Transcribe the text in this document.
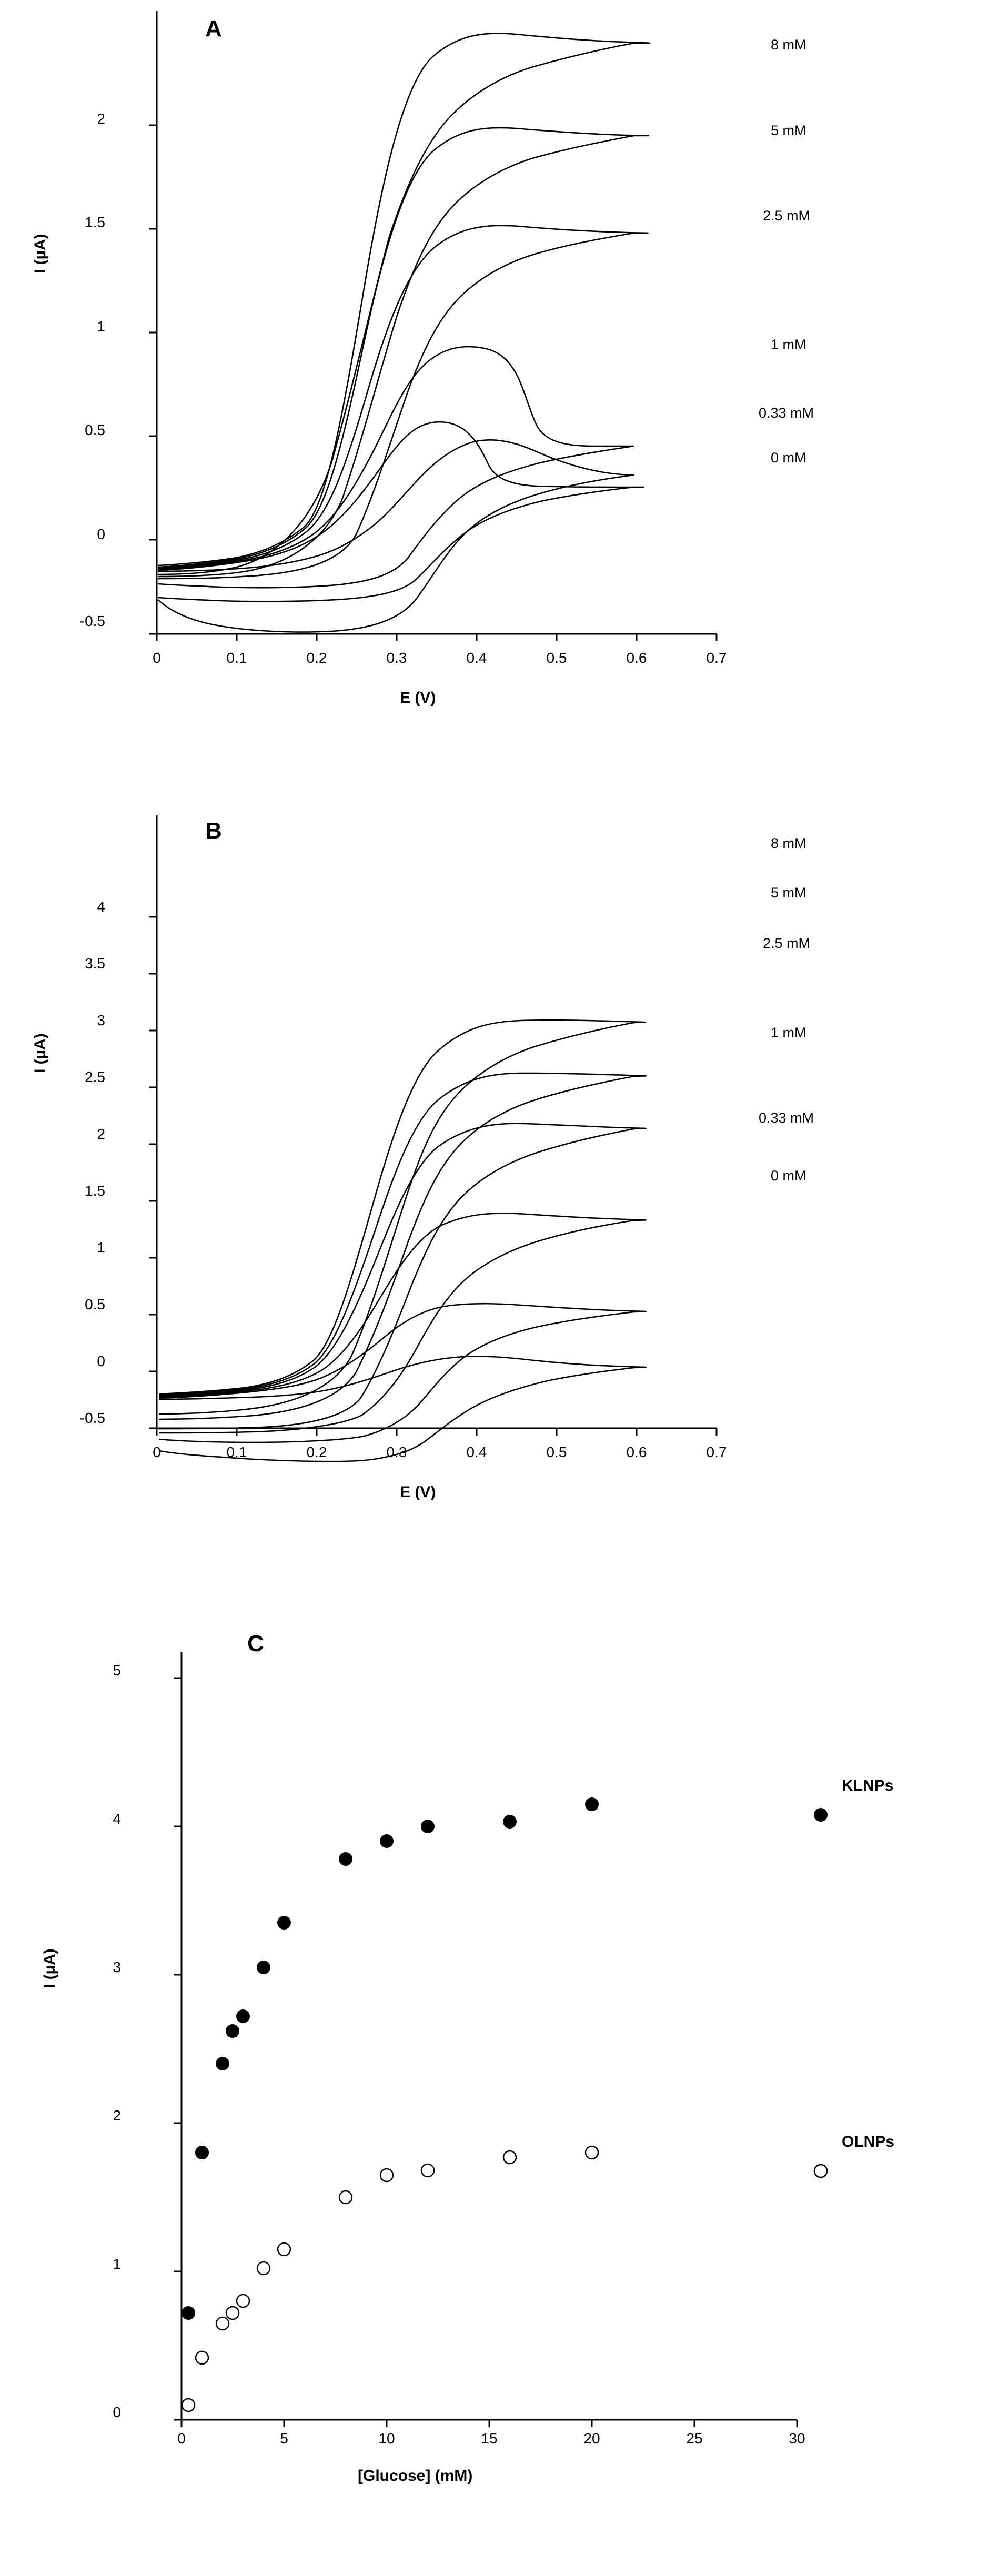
A
I (µA)
E (V)
-0.5
0
0.5
1
1.5
2
0	0.1	0.2	0.3	0.4	0.5	0.6	0.7
8 mM
5 mM
2.5 mM
1 mM
0.33 mM
0 mM
B
I (µA)
E (V)
-0.5
0
0.5
1
1.5
2
2.5
3
3.5
4
0	0.1	0.2	0.3	0.4	0.5	0.6	0.7
8 mM
5 mM
2.5 mM
1 mM
0.33 mM
0 mM
C
I (µA)
[Glucose] (mM)
0
1
2
3
4
5
0	5	10	15	20	25	30
KLNPs
OLNPs
